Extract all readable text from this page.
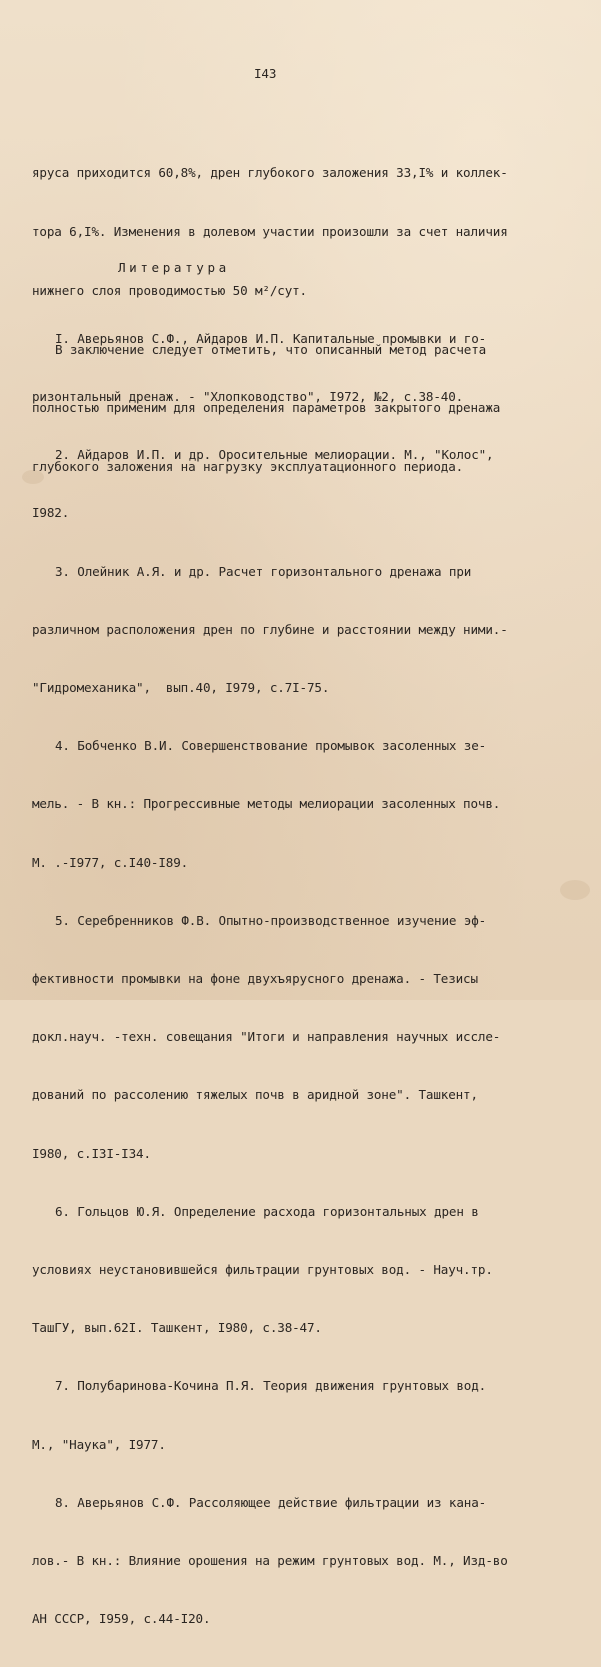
I43

яруса приходится 60,8%, дрен глубокого заложения 33,I% и коллек-

тора 6,I%. Изменения в долевом участии произошли за счет наличия

нижнего слоя проводимостью 50 м²/сут.

В заключение следует отметить, что описанный метод расчета

полностью применим для определения параметров закрытого дренажа

глубокого заложения на нагрузку эксплуатационного периода.

Литература

I. Аверьянов С.Ф., Айдаров И.П. Капитальные промывки и го-

ризонтальный дренаж. - "Хлопководство", I972, №2, с.38-40.

2. Айдаров И.П. и др. Оросительные мелиорации. М., "Колос",

I982.

3. Олейник А.Я. и др. Расчет горизонтального дренажа при

различном расположения дрен по глубине и расстоянии между ними.-

"Гидромеханика",  вып.40, I979, с.7I-75.

4. Бобченко В.И. Совершенствование промывок засоленных зе-

мель. - В кн.: Прогрессивные методы мелиорации засоленных почв.

М. .-I977, с.I40-I89.

5. Серебренников Ф.В. Опытно-производственное изучение эф-

фективности промывки на фоне двухъярусного дренажа. - Тезисы

докл.науч. -техн. совещания "Итоги и направления научных иссле-

дований по рассолению тяжелых почв в аридной зоне". Ташкент,

I980, с.I3I-I34.

6. Гольцов Ю.Я. Определение расхода горизонтальных дрен в

условиях неустановившейся фильтрации грунтовых вод. - Науч.тр.

ТашГУ, вып.62I. Ташкент, I980, с.38-47.

7. Полубаринова-Кочина П.Я. Теория движения грунтовых вод.

М., "Наука", I977.

8. Аверьянов С.Ф. Рассоляющее действие фильтрации из кана-

лов.- В кн.: Влияние орошения на режим грунтовых вод. М., Изд-во

АН СССР, I959, с.44-I20.
